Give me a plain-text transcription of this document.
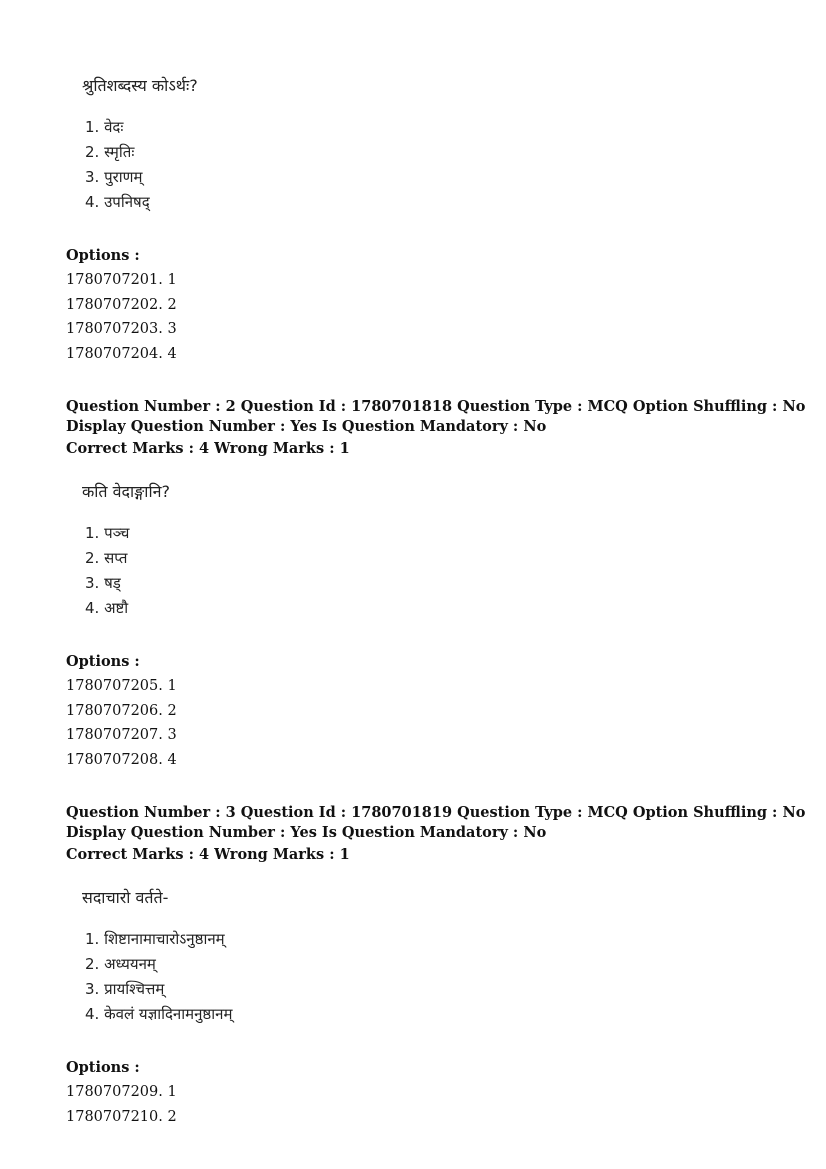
श्रुतिशब्दस्य कोऽर्थः?
1. वेदः
2. स्मृतिः
3. पुराणम्
4. उपनिषद्
Options :
1780707201. 1
1780707202. 2
1780707203. 3
1780707204. 4
Question Number : 2 Question Id : 1780701818 Question Type : MCQ Option Shuffling : No
Display Question Number : Yes Is Question Mandatory : No
Correct Marks : 4 Wrong Marks : 1
कति वेदाङ्गानि?
1. पञ्च
2. सप्त
3. षड्
4. अष्टौ
Options :
1780707205. 1
1780707206. 2
1780707207. 3
1780707208. 4
Question Number : 3 Question Id : 1780701819 Question Type : MCQ Option Shuffling : No
Display Question Number : Yes Is Question Mandatory : No
Correct Marks : 4 Wrong Marks : 1
सदाचारो वर्तते-
1. शिष्टानामाचारोऽनुष्ठानम्
2. अध्ययनम्
3. प्रायश्चित्तम्
4. केवलं यज्ञादिनामनुष्ठानम्
Options :
1780707209. 1
1780707210. 2
